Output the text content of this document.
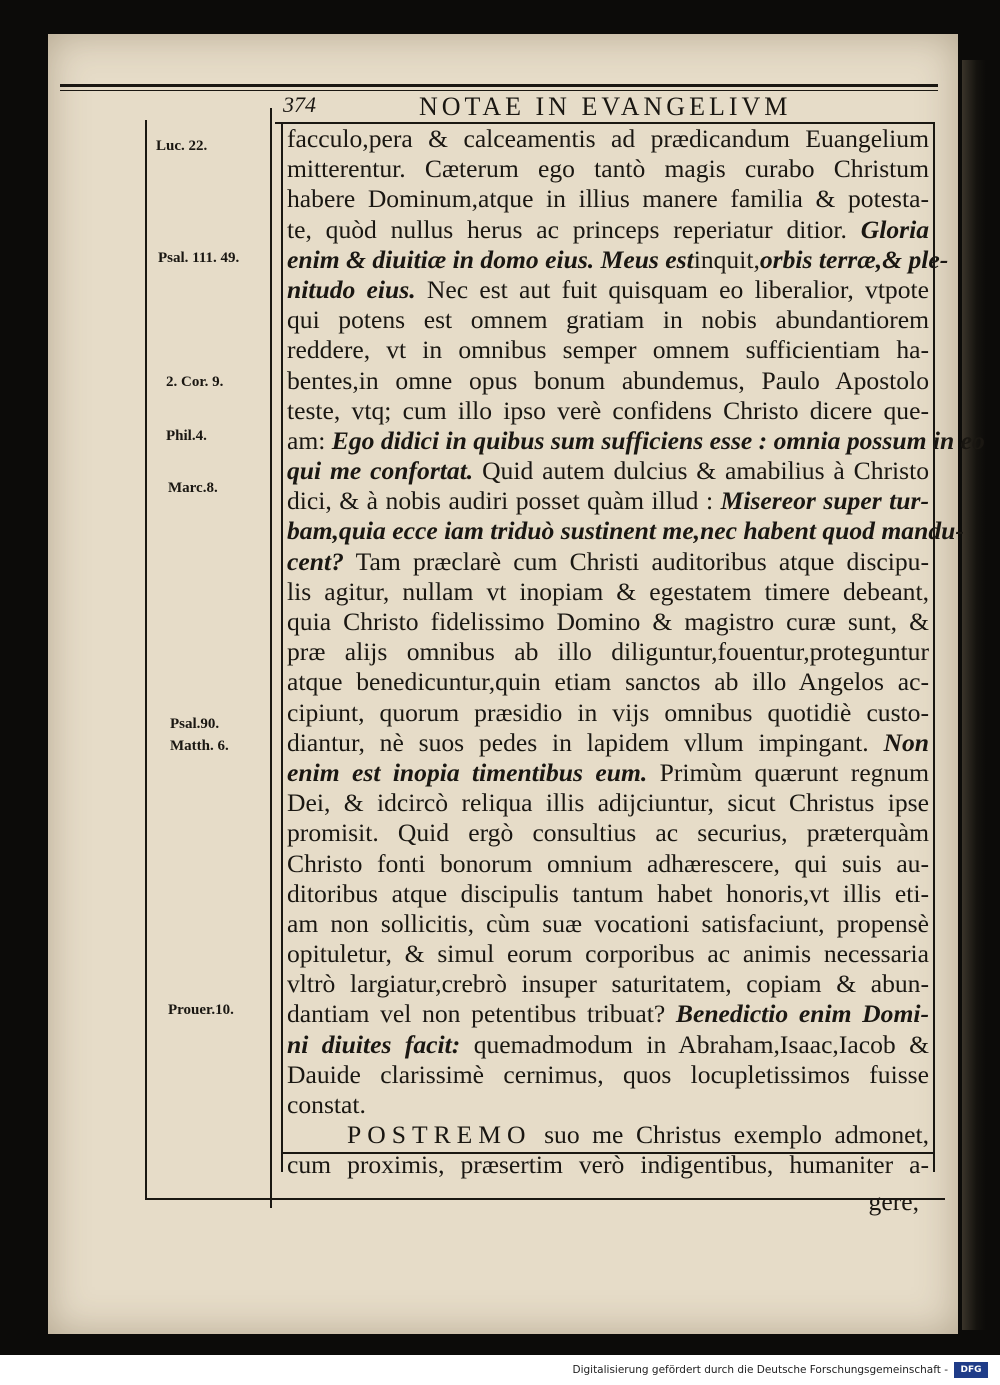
374	NOTAE IN EVANGELIVM
Luc. 22.
Psal. 111. 49.
2. Cor. 9.
Phil.4.
Marc.8.
Psal.90.
Matth. 6.
Prouer.10.
facculo,pera & calceamentis ad prædicandum Euangelium
mitterentur. Cæterum ego tantò magis curabo Christum
habere Dominum,atque in illius manere familia & potesta-
te, quòd nullus herus ac princeps reperiatur ditior. Gloria
enim & diuitiæ in domo eius. Meus estinquit,orbis terræ,& ple-
nitudo eius. Nec est aut fuit quisquam eo liberalior, vtpote
qui potens est omnem gratiam in nobis abundantiorem
reddere, vt in omnibus semper omnem sufficientiam ha-
bentes,in omne opus bonum abundemus, Paulo Apostolo
teste, vtq; cum illo ipso verè confidens Christo dicere que-
am: Ego didici in quibus sum sufficiens esse : omnia possum in eo
qui me confortat. Quid autem dulcius & amabilius à Christo
dici, & à nobis audiri posset quàm illud : Misereor super tur-
bam,quia ecce iam triduò sustinent me,nec habent quod mandu-
cent? Tam præclarè cum Christi auditoribus atque discipu-
lis agitur, nullam vt inopiam & egestatem timere debeant,
quia Christo fidelissimo Domino & magistro curæ sunt, &
præ alijs omnibus ab illo diliguntur,fouentur,proteguntur
atque benedicuntur,quin etiam sanctos ab illo Angelos ac-
cipiunt, quorum præsidio in vijs omnibus quotidiè custo-
diantur, nè suos pedes in lapidem vllum impingant. Non
enim est inopia timentibus eum. Primùm quærunt regnum
Dei, & idcircò reliqua illis adijciuntur, sicut Christus ipse
promisit. Quid ergò consultius ac securius, præterquàm
Christo fonti bonorum omnium adhærescere, qui suis au-
ditoribus atque discipulis tantum habet honoris,vt illis eti-
am non sollicitis, cùm suæ vocationi satisfaciunt, propensè
opituletur, & simul eorum corporibus ac animis necessaria
vltrò largiatur,crebrò insuper saturitatem, copiam & abun-
dantiam vel non petentibus tribuat? Benedictio enim Domi-
ni diuites facit: quemadmodum in Abraham,Isaac,Iacob &
Dauide clarissimè cernimus, quos locupletissimos fuisse
constat.
POSTREMO suo me Christus exemplo admonet,
cum proximis, præsertim verò indigentibus, humaniter a-
gere,
Digitalisierung gefördert durch die Deutsche Forschungsgemeinschaft -	DFG
